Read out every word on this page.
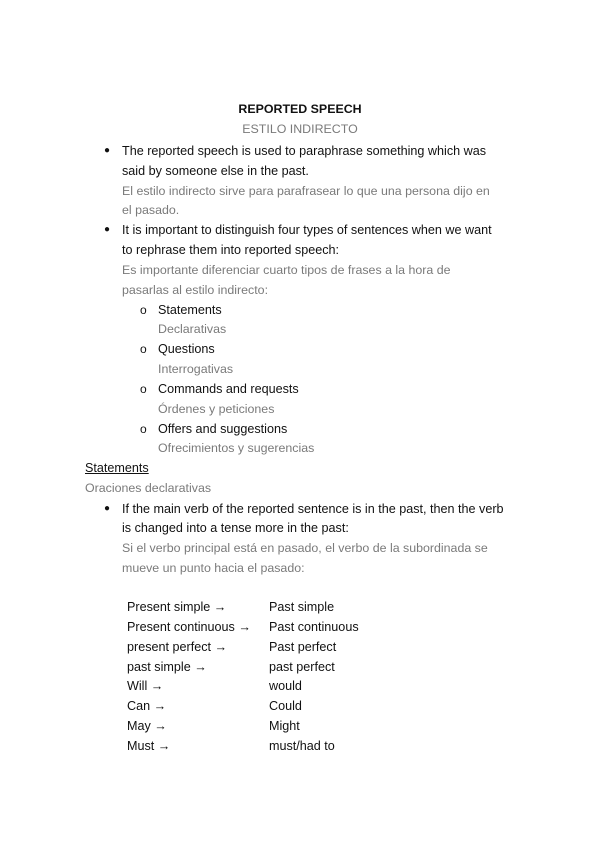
REPORTED SPEECH
ESTILO INDIRECTO
● The reported speech is used to paraphrase something which was
said by someone else in the past.
El estilo indirecto sirve para parafrasear lo que una persona dijo en
el pasado.
● It is important to distinguish four types of sentences when we want
to rephrase them into reported speech:
Es importante diferenciar cuarto tipos de frases a la hora de
pasarlas al estilo indirecto:
o Statements
Declarativas
o Questions
Interrogativas
o Commands and requests
Órdenes y peticiones
o Offers and suggestions
Ofrecimientos y sugerencias
Statements
Oraciones declarativas
● If the main verb of the reported sentence is in the past, then the verb
is changed into a tense more in the past:
Si el verbo principal está en pasado, el verbo de la subordinada se
mueve un punto hacia el pasado:
Present simple →	Past simple
Present continuous → Past continuous
present perfect →	Past perfect
past simple →	past perfect
Will →	would
Can →	Could
May →	Might
Must →	must/had to
